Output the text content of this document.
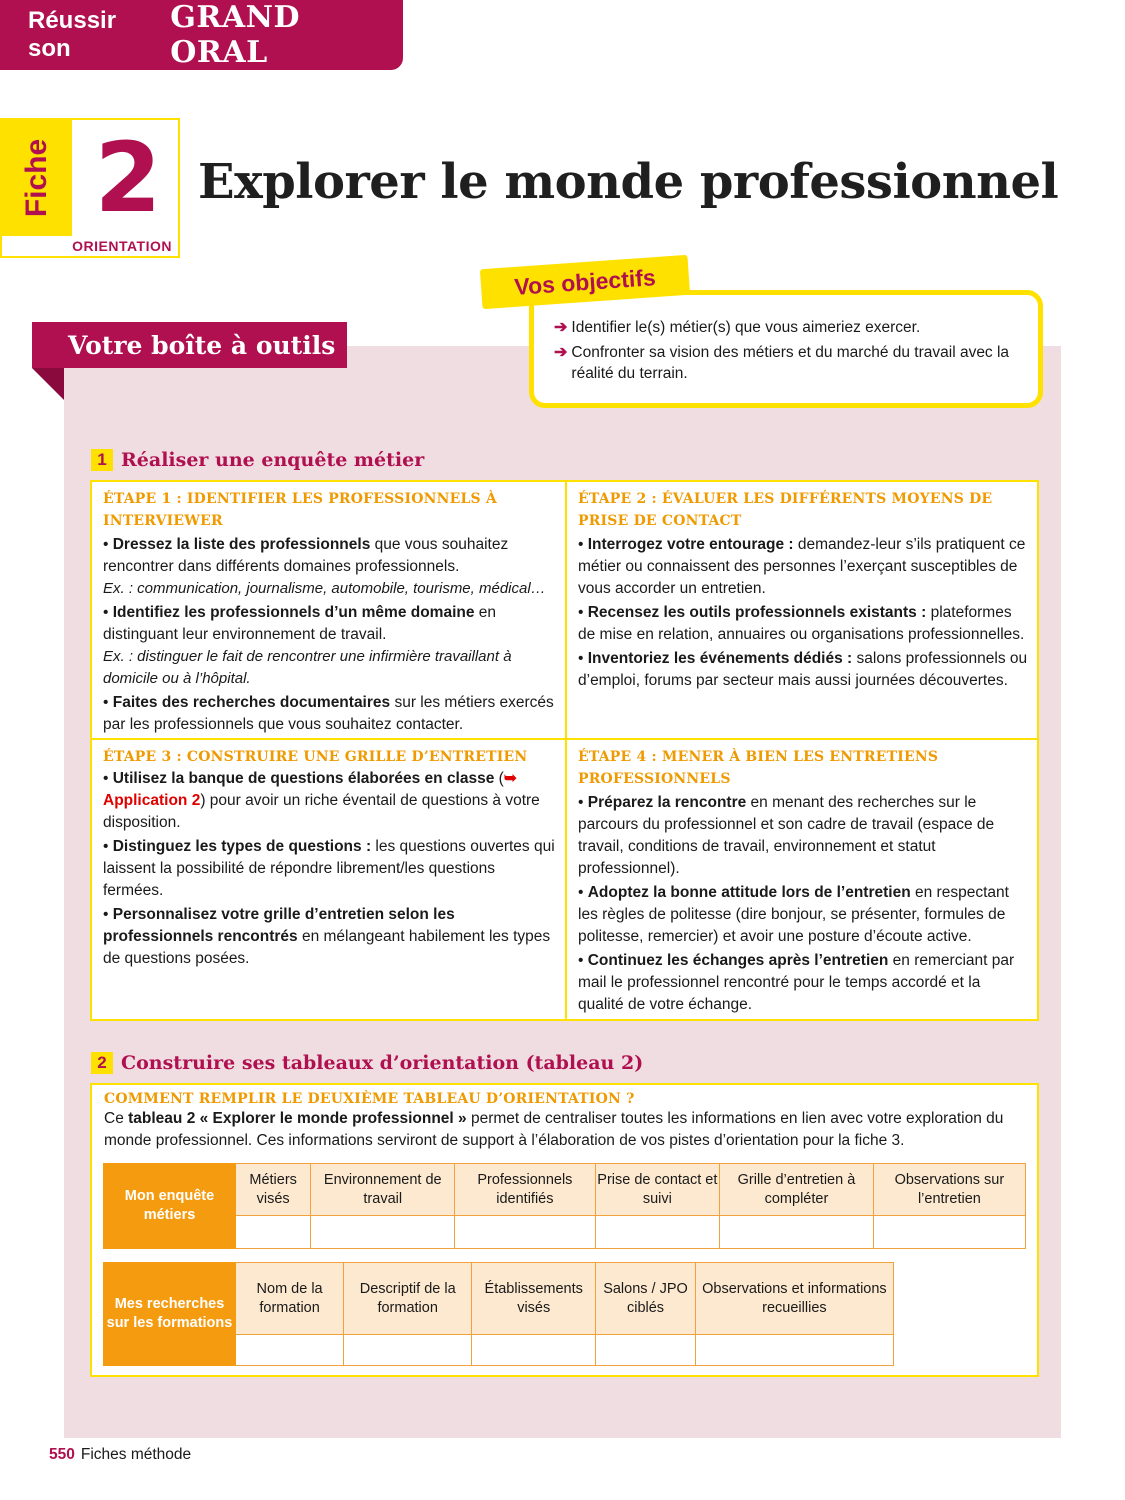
Réussir son
GRAND ORAL
Fiche 2
ORIENTATION
Explorer le monde professionnel
Votre boîte à outils
➔ Identifier le(s) métier(s) que vous aimeriez exercer.
➔ Confronter sa vision des métiers et du marché du travail avec la réalité du terrain.
Vos objectifs
1 Réaliser une enquête métier
ÉTAPE 1 : IDENTIFIER LES PROFESSIONNELS À INTERVIEWER

• Dressez la liste des professionnels que vous souhaitez rencontrer dans différents domaines professionnels.

Ex. : communication, journalisme, automobile, tourisme, médical…

• Identifiez les professionnels d’un même domaine en distinguant leur environnement de travail.

Ex. : distinguer le fait de rencontrer une infirmière travaillant à domicile ou à l’hôpital.

• Faites des recherches documentaires sur les métiers exercés par les professionnels que vous souhaitez contacter.

ÉTAPE 2 : ÉVALUER LES DIFFÉRENTS MOYENS DE PRISE DE CONTACT

• Interrogez votre entourage : demandez-leur s’ils pratiquent ce métier ou connaissent des personnes l’exerçant susceptibles de vous accorder un entretien.

• Recensez les outils professionnels existants : plateformes de mise en relation, annuaires ou organisations professionnelles.

• Inventoriez les événements dédiés : salons professionnels ou d’emploi, forums par secteur mais aussi journées découvertes.

ÉTAPE 3 : CONSTRUIRE UNE GRILLE D’ENTRETIEN

• Utilisez la banque de questions élaborées en classe (➥ Application 2) pour avoir un riche éventail de questions à votre disposition.

• Distinguez les types de questions : les questions ouvertes qui laissent la possibilité de répondre librement/les questions fermées.

• Personnalisez votre grille d’entretien selon les professionnels rencontrés en mélangeant habilement les types de questions posées.

ÉTAPE 4 : MENER À BIEN LES ENTRETIENS PROFESSIONNELS

• Préparez la rencontre en menant des recherches sur le parcours du professionnel et son cadre de travail (espace de travail, conditions de travail, environnement et statut professionnel).

• Adoptez la bonne attitude lors de l’entretien en respectant les règles de politesse (dire bonjour, se présenter, formules de politesse, remercier) et avoir une posture d’écoute active.

• Continuez les échanges après l’entretien en remerciant par mail le professionnel rencontré pour le temps accordé et la qualité de votre échange.

2 Construire ses tableaux d’orientation (tableau 2)
COMMENT REMPLIR LE DEUXIÈME TABLEAU D’ORIENTATION ?
Ce tableau 2 « Explorer le monde professionnel » permet de centraliser toutes les informations en lien avec votre exploration du monde professionnel. Ces informations serviront de support à l’élaboration de vos pistes d’orientation pour la fiche 3.
Mon enquête métiers	Métiers visés	Environnement de travail	Professionnels identifiés	Prise de contact et suivi	Grille d’entretien à compléter	Observations sur l’entretien

Mes recherches sur les formations	Nom de la formation	Descriptif de la formation	Établissements visés	Salons / JPO ciblés	Observations et informations recueillies

550 Fiches méthode
